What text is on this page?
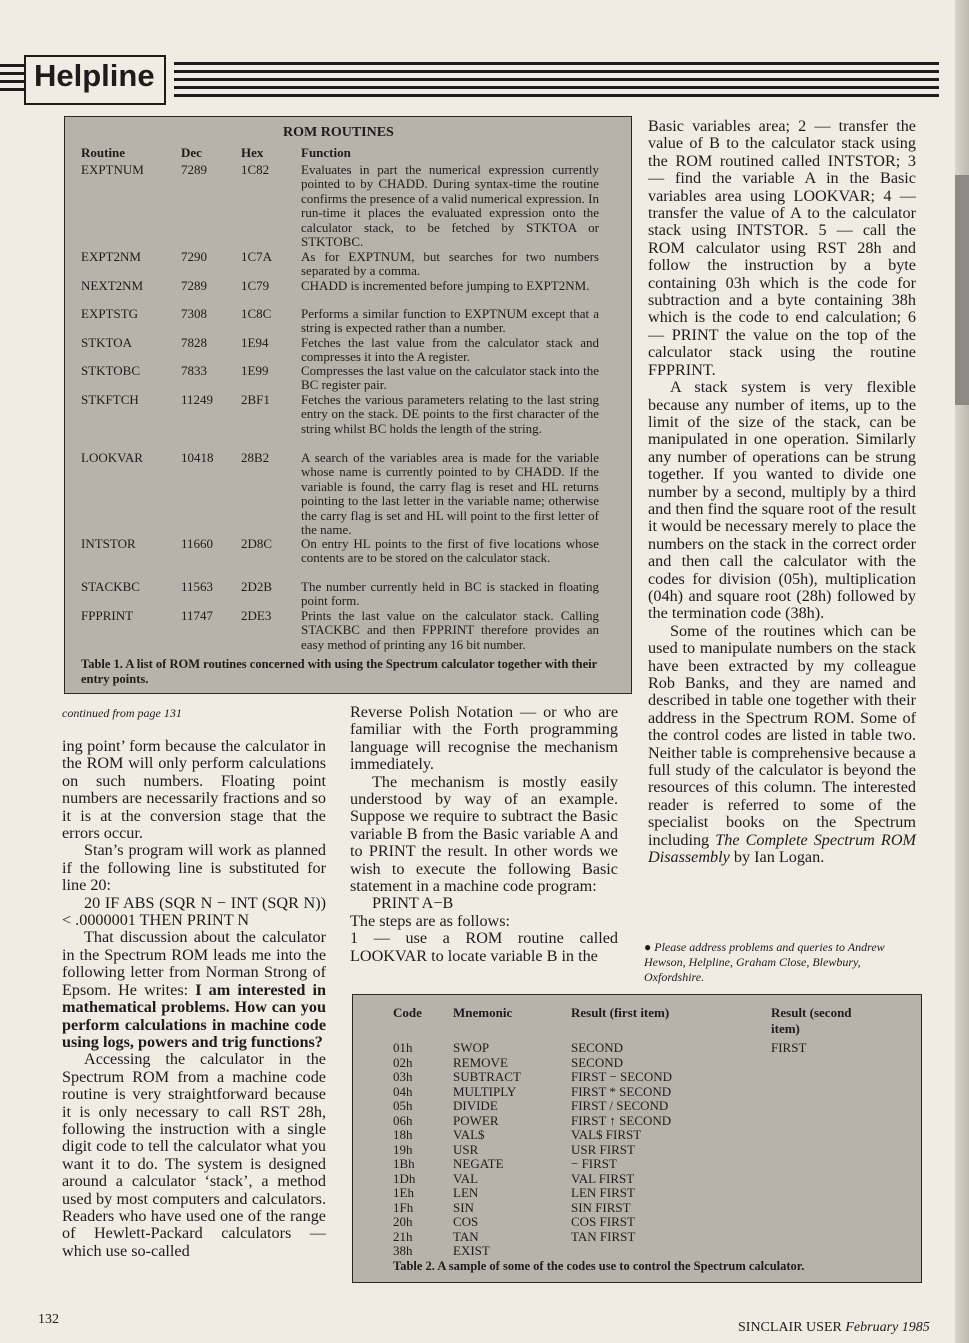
Helpline
ROM ROUTINES
Routine	Dec	Hex	Function
EXPTNUM	7289	1C82 Evaluates in part the numerical expression currently pointed to by CHADD. During syntax-time the routine confirms the presence of a valid numerical expression. In run-time it places the evaluated expression onto the calculator stack, to be fetched by STKTOA or STKTOBC.
EXPT2NM	7290	1C7A As for EXPTNUM, but searches for two numbers separated by a comma.
NEXT2NM	7289	1C79 CHADD is incremented before jumping to EXPT2NM.
EXPTSTG	7308	1C8C Performs a similar function to EXPTNUM except that a string is expected rather than a number.
STKTOA	7828	1E94	Fetches the last value from the calculator stack and compresses it into the A register.
STKTOBC	7833	1E99	Compresses the last value on the calculator stack into the BC register pair.
STKFTCH	11249 2BF1 Fetches the various parameters relating to the last string entry on the stack. DE points to the first character of the string whilst BC holds the length of the string.
LOOKVAR	10418 28B2 A search of the variables area is made for the variable whose name is currently pointed to by CHADD. If the variable is found, the carry flag is reset and HL returns pointing to the last letter in the variable name; otherwise the carry flag is set and HL will point to the first letter of the name.
INTSTOR	11660 2D8C On entry HL points to the first of five locations whose contents are to be stored on the calculator stack.
STACKBC	11563 2D2B The number currently held in BC is stacked in floating point form.
FPPRINT	11747 2DE3 Prints the last value on the calculator stack. Calling STACKBC and then FPPRINT therefore provides an easy method of printing any 16 bit number.
Table 1. A list of ROM routines concerned with using the Spectrum calculator together with their entry points.
continued from page 131

ing point’ form because the calculator in the ROM will only perform calculations on such numbers. Floating point numbers are necessarily fractions and so it is at the conversion stage that the errors occur.

Stan’s program will work as planned if the following line is substituted for line 20:

20 IF ABS (SQR N − INT (SQR N)) < .0000001 THEN PRINT N

That discussion about the calculator in the Spectrum ROM leads me into the following letter from Norman Strong of Epsom. He writes: I am interested in mathematical problems. How can you perform calculations in machine code using logs, powers and trig functions?

Accessing the calculator in the Spectrum ROM from a machine code routine is very straightforward because it is only necessary to call RST 28h, following the instruction with a single digit code to tell the calculator what you want it to do. The system is designed around a calculator ‘stack’, a method used by most computers and calculators. Readers who have used one of the range of Hewlett-Packard calculators — which use so-called

Reverse Polish Notation — or who are familiar with the Forth programming language will recognise the mechanism immediately.

The mechanism is mostly easily understood by way of an example. Suppose we require to subtract the Basic variable B from the Basic variable A and to PRINT the result. In other words we wish to execute the following Basic statement in a machine code program:

PRINT A−B

The steps are as follows:

1 — use a ROM routine called LOOKVAR to locate variable B in the

Basic variables area; 2 — transfer the value of B to the calculator stack using the ROM routined called INTSTOR; 3 — find the variable A in the Basic variables area using LOOKVAR; 4 — transfer the value of A to the calculator stack using INTSTOR. 5 — call the ROM calculator using RST 28h and follow the instruction by a byte containing 03h which is the code for subtraction and a byte containing 38h which is the code to end calculation; 6 — PRINT the value on the top of the calculator stack using the routine FPPRINT.

A stack system is very flexible because any number of items, up to the limit of the size of the stack, can be manipulated in one operation. Similarly any number of operations can be strung together. If you wanted to divide one number by a second, multiply by a third and then find the square root of the result it would be necessary merely to place the numbers on the stack in the correct order and then call the calculator with the codes for division (05h), multiplication (04h) and square root (28h) followed by the termination code (38h).

Some of the routines which can be used to manipulate numbers on the stack have been extracted by my colleague Rob Banks, and they are named and described in table one together with their address in the Spectrum ROM. Some of the control codes are listed in table two. Neither table is comprehensive because a full study of the calculator is beyond the resources of this column. The interested reader is referred to some of the specialist books on the Spectrum including The Complete Spectrum ROM Disassembly by Ian Logan.

● Please address problems and queries to Andrew Hewson, Helpline, Graham Close, Blewbury, Oxfordshire.
Code Mnemonic	Result (first item)	Result (second item)
01h	SWOP	SECOND	FIRST
02h	REMOVE	SECOND
03h	SUBTRACT	FIRST − SECOND
04h	MULTIPLY	FIRST * SECOND
05h	DIVIDE	FIRST / SECOND
06h	POWER	FIRST ↑ SECOND
18h	VAL$	VAL$ FIRST
19h	USR	USR FIRST
1Bh	NEGATE	− FIRST
1Dh	VAL	VAL FIRST
1Eh	LEN	LEN FIRST
1Fh	SIN	SIN FIRST
20h	COS	COS FIRST
21h	TAN	TAN FIRST
38h	EXIST
Table 2. A sample of some of the codes use to control the Spectrum calculator.
132
SINCLAIR USER February 1985
